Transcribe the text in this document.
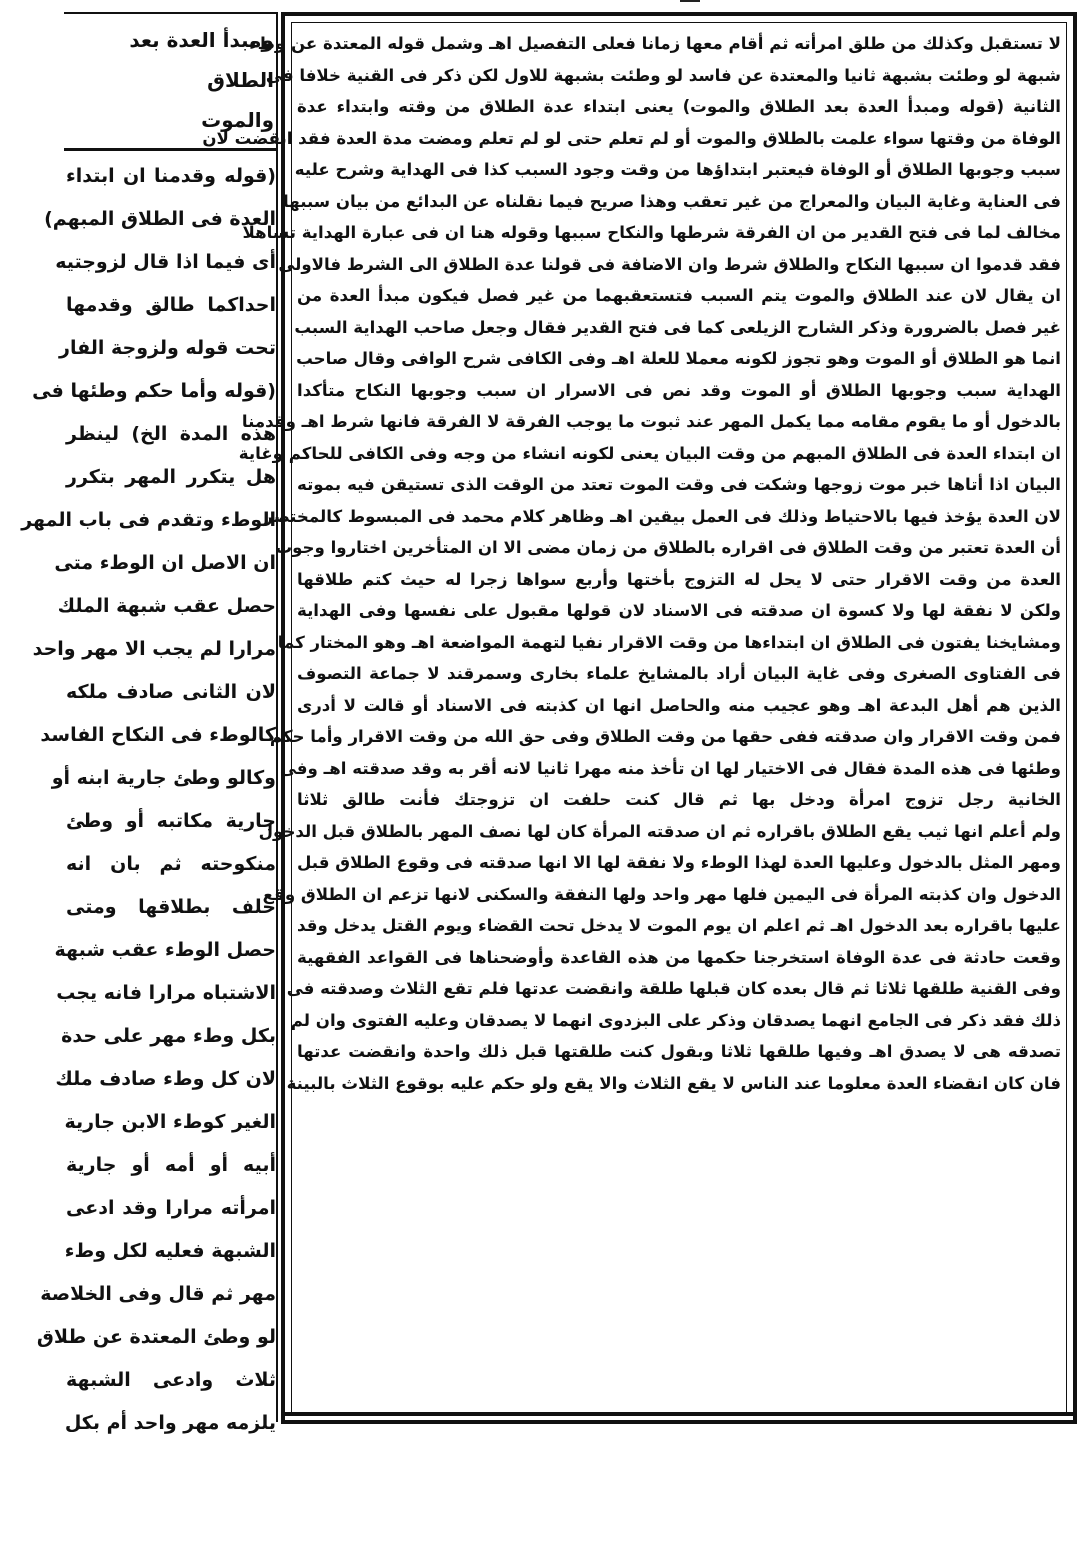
ومبدأ العدة بعد الطلاق
والموت
(قوله وقدمنا ان ابتداء
العدة فى الطلاق المبهم)
أى فيما اذا قال لزوجتيه
احداكما طالق وقدمها
تحت قوله ولزوجة الفار
(قوله وأما حكم وطئها فى
هذه المدة الخ) لينظر
هل يتكرر المهر بتكرر
الوطء وتقدم فى باب المهر
ان الاصل ان الوطء متى
حصل عقب شبهة الملك
مرارا لم يجب الا مهر واحد
لان الثانى صادف ملكه
كالوطء فى النكاح الفاسد
وكالو وطئ جارية ابنه أو
جارية مكاتبه أو وطئ
منكوحته ثم بان انه
حلف بطلاقها ومتى
حصل الوطء عقب شبهة
الاشتباه مرارا فانه يجب
بكل وطء مهر على حدة
لان كل وطء صادف ملك
الغير كوطء الابن جارية
أبيه أو أمه أو جارية
امرأته مرارا وقد ادعى
الشبهة فعليه لكل وطء
مهر ثم قال وفى الخلاصة
لو وطئ المعتدة عن طلاق
ثلاث وادعى الشبهة
يلزمه مهر واحد أم بكل
لا تستقبل وكذلك من طلق امرأته ثم أقام معها زمانا فعلى التفصيل اهـ وشمل قوله المعتدة عن وطء
شبهة لو وطئت بشبهة ثانيا والمعتدة عن فاسد لو وطئت بشبهة للاول لكن ذكر فى القنية خلافا فى
الثانية (قوله ومبدأ العدة بعد الطلاق والموت) يعنى ابتداء عدة الطلاق من وقته وابتداء عدة
الوفاة من وقتها سواء علمت بالطلاق والموت أو لم تعلم حتى لو لم تعلم ومضت مدة العدة فقد انقضت لان
سبب وجوبها الطلاق أو الوفاة فيعتبر ابتداؤها من وقت وجود السبب كذا فى الهداية وشرح عليه
فى العناية وغاية البيان والمعراج من غير تعقب وهذا صريح فيما نقلناه عن البدائع من بيان سببها
مخالف لما فى فتح القدير من ان الفرقة شرطها والنكاح سببها وقوله هنا ان فى عبارة الهداية تساهلا
فقد قدموا ان سببها النكاح والطلاق شرط وان الاضافة فى قولنا عدة الطلاق الى الشرط فالاولى
ان يقال لان عند الطلاق والموت يتم السبب فتستعقبهما من غير فصل فيكون مبدأ العدة من
غير فصل بالضرورة وذكر الشارح الزيلعى كما فى فتح القدير فقال وجعل صاحب الهداية السبب
انما هو الطلاق أو الموت وهو تجوز لكونه معملا للعلة اهـ وفى الكافى شرح الوافى وقال صاحب
الهداية سبب وجوبها الطلاق أو الموت وقد نص فى الاسرار ان سبب وجوبها النكاح متأكدا
بالدخول أو ما يقوم مقامه مما يكمل المهر عند ثبوت ما يوجب الفرقة لا الفرقة فانها شرط اهـ وقدمنا
ان ابتداء العدة فى الطلاق المبهم من وقت البيان يعنى لكونه انشاء من وجه وفى الكافى للحاكم وغاية
البيان اذا أتاها خبر موت زوجها وشكت فى وقت الموت تعتد من الوقت الذى تستيقن فيه بموته
لان العدة يؤخذ فيها بالاحتياط وذلك فى العمل بيقين اهـ وظاهر كلام محمد فى المبسوط كالمختصر
أن العدة تعتبر من وقت الطلاق فى اقراره بالطلاق من زمان مضى الا ان المتأخرين اختاروا وجوب
العدة من وقت الاقرار حتى لا يحل له التزوج بأختها وأربع سواها زجرا له حيث كتم طلاقها
ولكن لا نفقة لها ولا كسوة ان صدقته فى الاسناد لان قولها مقبول على نفسها وفى الهداية
ومشايخنا يفتون فى الطلاق ان ابتداءها من وقت الاقرار نفيا لتهمة المواضعة اهـ وهو المختار كما
فى الفتاوى الصغرى وفى غاية البيان أراد بالمشايخ علماء بخارى وسمرقند لا جماعة التصوف
الذين هم أهل البدعة اهـ وهو عجيب منه والحاصل انها ان كذبته فى الاسناد أو قالت لا أدرى
فمن وقت الاقرار وان صدقته ففى حقها من وقت الطلاق وفى حق الله من وقت الاقرار وأما حكم
وطئها فى هذه المدة فقال فى الاختيار لها ان تأخذ منه مهرا ثانيا لانه أقر به وقد صدقته اهـ وفى
الخانية رجل تزوج امرأة ودخل بها ثم قال كنت حلفت ان تزوجتك فأنت طالق ثلاثا
ولم أعلم انها ثيب يقع الطلاق باقراره ثم ان صدقته المرأة كان لها نصف المهر بالطلاق قبل الدخول
ومهر المثل بالدخول وعليها العدة لهذا الوطء ولا نفقة لها الا انها صدقته فى وقوع الطلاق قبل
الدخول وان كذبته المرأة فى اليمين فلها مهر واحد ولها النفقة والسكنى لانها تزعم ان الطلاق وقع
عليها باقراره بعد الدخول اهـ ثم اعلم ان يوم الموت لا يدخل تحت القضاء ويوم القتل يدخل وقد
وقعت حادثة فى عدة الوفاة استخرجنا حكمها من هذه القاعدة وأوضحناها فى القواعد الفقهية
وفى القنية طلقها ثلاثا ثم قال بعده كان قبلها طلقة وانقضت عدتها فلم تقع الثلاث وصدقته فى
ذلك فقد ذكر فى الجامع انهما يصدقان وذكر على البزدوى انهما لا يصدقان وعليه الفتوى وان لم
تصدقه هى لا يصدق اهـ وفيها طلقها ثلاثا وبقول كنت طلقتها قبل ذلك واحدة وانقضت عدتها
فان كان انقضاء العدة معلوما عند الناس لا يقع الثلاث والا يقع ولو حكم عليه بوقوع الثلاث بالبينة
